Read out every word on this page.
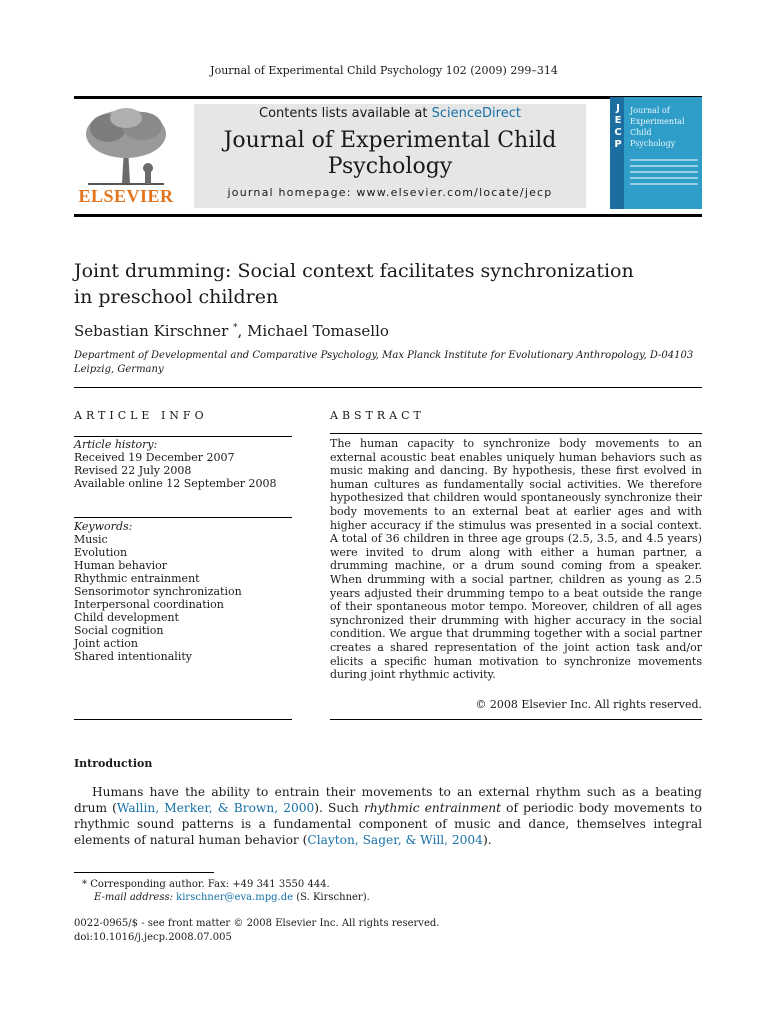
Journal of Experimental Child Psychology 102 (2009) 299–314
ELSEVIER
Contents lists available at ScienceDirect
Journal of Experimental Child
Psychology
journal homepage: www.elsevier.com/locate/jecp
J
E
C
P
Journal of
Experimental
Child
Psychology
Joint drumming: Social context facilitates synchronization
in preschool children
Sebastian Kirschner *, Michael Tomasello
Department of Developmental and Comparative Psychology, Max Planck Institute for Evolutionary Anthropology, D-04103
Leipzig, Germany
ARTICLE INFO	ABSTRACT
Article history:
Received 19 December 2007
Revised 22 July 2008
Available online 12 September 2008
Keywords:
Music
Evolution
Human behavior
Rhythmic entrainment
Sensorimotor synchronization
Interpersonal coordination
Child development
Social cognition
Joint action
Shared intentionality
The human capacity to synchronize body movements to an external acoustic beat enables uniquely human behaviors such as music making and dancing. By hypothesis, these first evolved in human cultures as fundamentally social activities. We therefore hypothesized that children would spontaneously synchronize their body movements to an external beat at earlier ages and with higher accuracy if the stimulus was presented in a social context. A total of 36 children in three age groups (2.5, 3.5, and 4.5 years) were invited to drum along with either a human partner, a drumming machine, or a drum sound coming from a speaker. When drumming with a social partner, children as young as 2.5 years adjusted their drumming tempo to a beat outside the range of their spontaneous motor tempo. Moreover, children of all ages synchronized their drumming with higher accuracy in the social condition. We argue that drumming together with a social partner creates a shared representation of the joint action task and/or elicits a specific human motivation to synchronize movements during joint rhythmic activity.
© 2008 Elsevier Inc. All rights reserved.
Introduction
Humans have the ability to entrain their movements to an external rhythm such as a beating drum (Wallin, Merker, & Brown, 2000). Such rhythmic entrainment of periodic body movements to rhythmic sound patterns is a fundamental component of music and dance, themselves integral elements of natural human behavior (Clayton, Sager, & Will, 2004).
* Corresponding author. Fax: +49 341 3550 444.
E-mail address: kirschner@eva.mpg.de (S. Kirschner).
0022-0965/$ - see front matter © 2008 Elsevier Inc. All rights reserved.
doi:10.1016/j.jecp.2008.07.005
